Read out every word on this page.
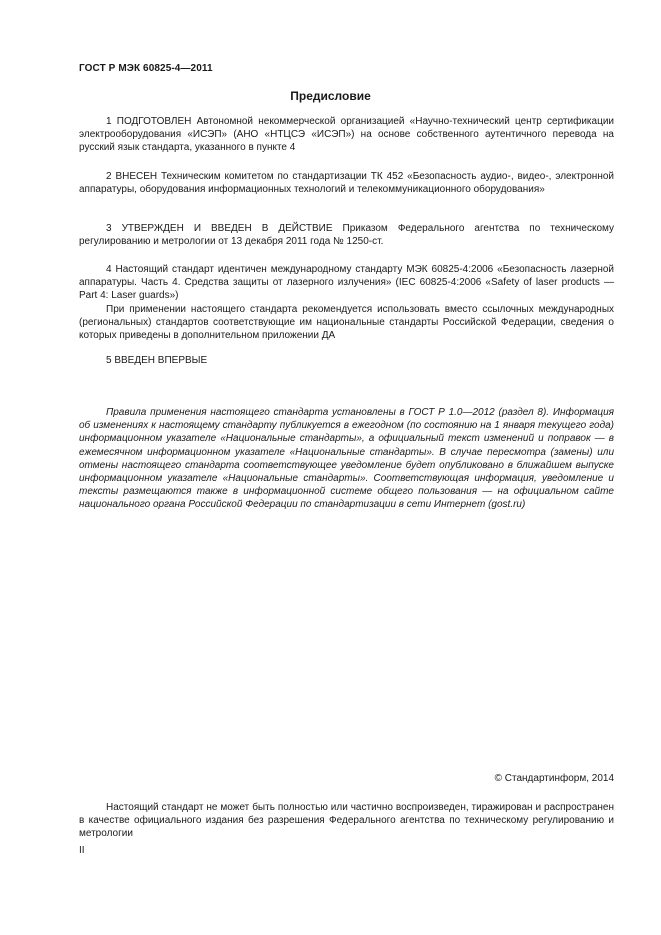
ГОСТ Р МЭК 60825-4—2011
Предисловие

1 ПОДГОТОВЛЕН Автономной некоммерческой организацией «Научно-технический центр сертификации электрооборудования «ИСЭП» (АНО «НТЦСЭ «ИСЭП») на основе собственного аутентичного перевода на русский язык стандарта, указанного в пункте 4

2 ВНЕСЕН Техническим комитетом по стандартизации ТК 452 «Безопасность аудио-, видео-, электронной аппаратуры, оборудования информационных технологий и телекоммуникационного оборудования»

3 УТВЕРЖДЕН И ВВЕДЕН В ДЕЙСТВИЕ Приказом Федерального агентства по техническому регулированию и метрологии от 13 декабря 2011 года № 1250-ст.

4 Настоящий стандарт идентичен международному стандарту МЭК 60825-4:2006 «Безопасность лазерной аппаратуры. Часть 4. Средства защиты от лазерного излучения» (IEC 60825-4:2006 «Safety of laser products — Part 4: Laser guards»)

При применении настоящего стандарта рекомендуется использовать вместо ссылочных международных (региональных) стандартов соответствующие им национальные стандарты Российской Федерации, сведения о которых приведены в дополнительном приложении ДА

5 ВВЕДЕН ВПЕРВЫЕ

Правила применения настоящего стандарта установлены в ГОСТ Р 1.0—2012 (раздел 8). Информация об изменениях к настоящему стандарту публикуется в ежегодном (по состоянию на 1 января текущего года) информационном указателе «Национальные стандарты», а официальный текст изменений и поправок — в ежемесячном информационном указателе «Национальные стандарты». В случае пересмотра (замены) или отмены настоящего стандарта соответствующее уведомление будет опубликовано в ближайшем выпуске информационном указателе «Национальные стандарты». Соответствующая информация, уведомление и тексты размещаются также в информационной системе общего пользования — на официальном сайте национального органа Российской Федерации по стандартизации в сети Интернет (gost.ru)

© Стандартинформ, 2014

Настоящий стандарт не может быть полностью или частично воспроизведен, тиражирован и распространен в качестве официального издания без разрешения Федерального агентства по техническому регулированию и метрологии

II
